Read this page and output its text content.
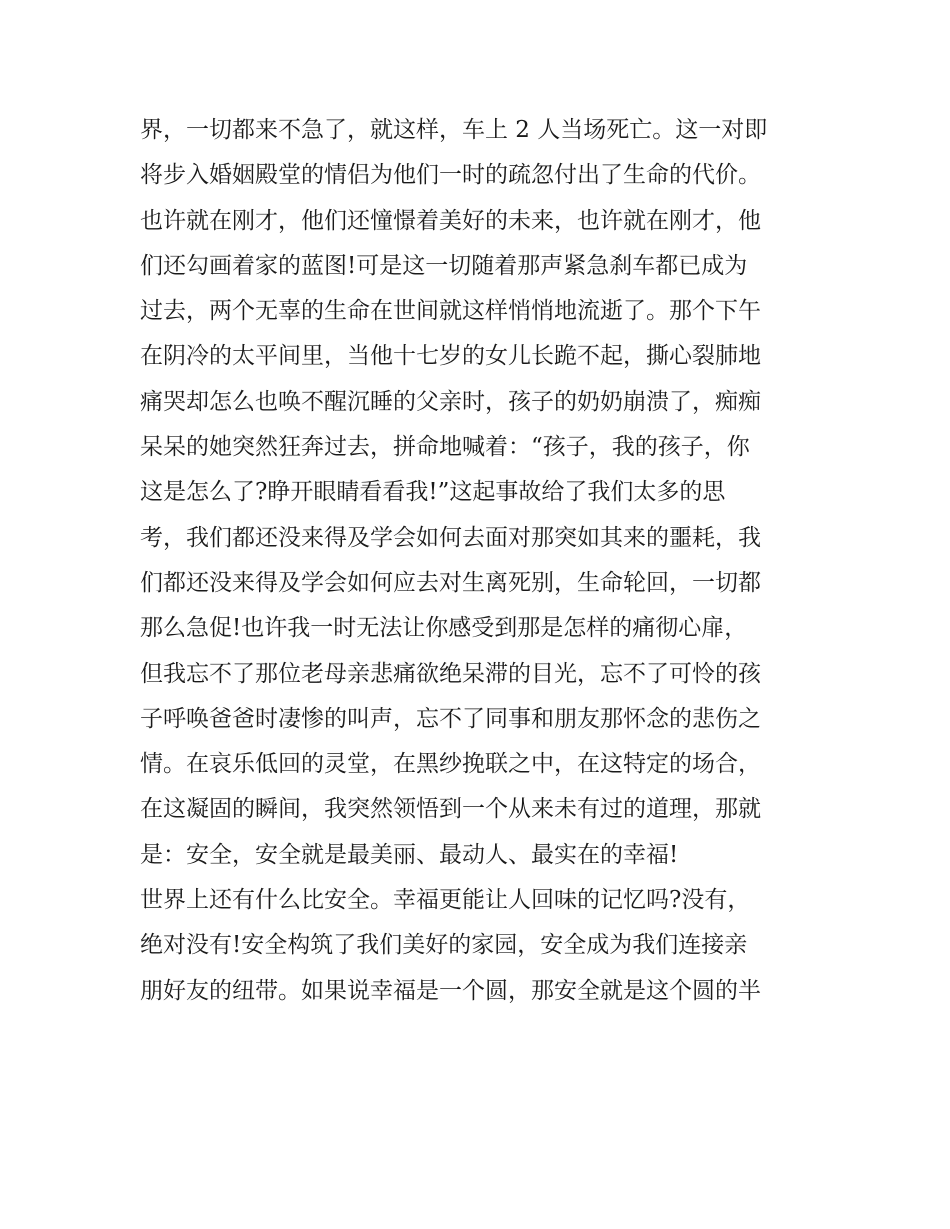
界，一切都来不急了，就这样，车上 2 人当场死亡。这一对即
将步入婚姻殿堂的情侣为他们一时的疏忽付出了生命的代价。
也许就在刚才，他们还憧憬着美好的未来，也许就在刚才，他
们还勾画着家的蓝图!可是这一切随着那声紧急刹车都已成为
过去，两个无辜的生命在世间就这样悄悄地流逝了。那个下午
在阴冷的太平间里，当他十七岁的女儿长跪不起，撕心裂肺地
痛哭却怎么也唤不醒沉睡的父亲时，孩子的奶奶崩溃了，痴痴
呆呆的她突然狂奔过去，拼命地喊着：“孩子，我的孩子，你
这是怎么了?睁开眼睛看看我!”这起事故给了我们太多的思
考，我们都还没来得及学会如何去面对那突如其来的噩耗，我
们都还没来得及学会如何应去对生离死别，生命轮回，一切都
那么急促!也许我一时无法让你感受到那是怎样的痛彻心扉，
但我忘不了那位老母亲悲痛欲绝呆滞的目光，忘不了可怜的孩
子呼唤爸爸时凄惨的叫声，忘不了同事和朋友那怀念的悲伤之
情。在哀乐低回的灵堂，在黑纱挽联之中，在这特定的场合，
在这凝固的瞬间，我突然领悟到一个从来未有过的道理，那就
是：安全，安全就是最美丽、最动人、最实在的幸福!
世界上还有什么比安全。幸福更能让人回味的记忆吗?没有，
绝对没有!安全构筑了我们美好的家园，安全成为我们连接亲
朋好友的纽带。如果说幸福是一个圆，那安全就是这个圆的半
